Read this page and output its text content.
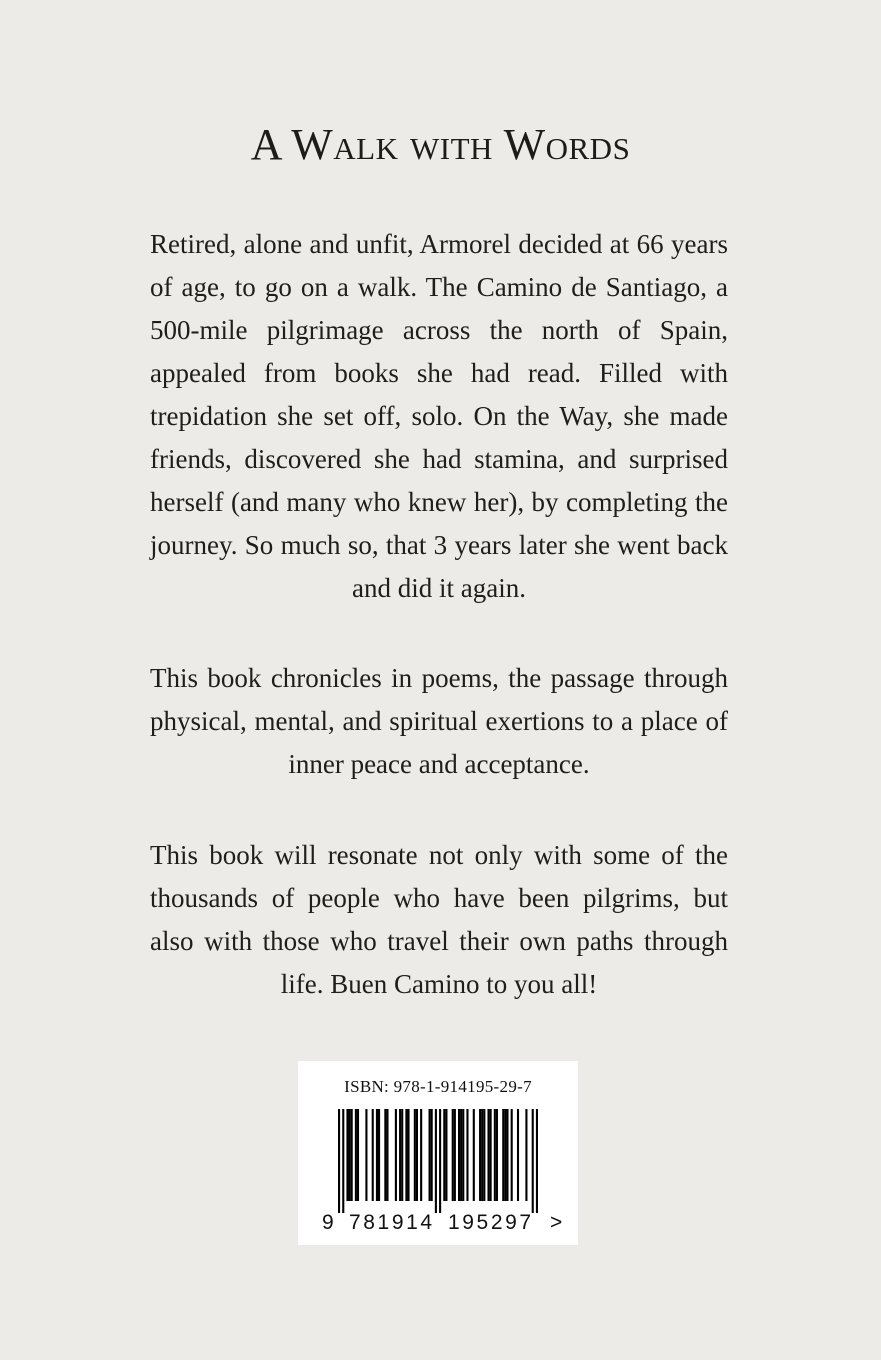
A Walk with Words

Retired, alone and unfit, Armorel decided at 66 years of age, to go on a walk. The Camino de Santiago, a 500-mile pilgrimage across the north of Spain, appealed from books she had read. Filled with trepidation she set off, solo. On the Way, she made friends, discovered she had stamina, and surprised herself (and many who knew her), by completing the journey. So much so, that 3 years later she went back and did it again.

This book chronicles in poems, the passage through physical, mental, and spiritual exertions to a place of inner peace and acceptance.

This book will resonate not only with some of the thousands of people who have been pilgrims, but also with those who travel their own paths through life. Buen Camino to you all!

ISBN: 978-1-914195-29-7
9 781914 195297 >
